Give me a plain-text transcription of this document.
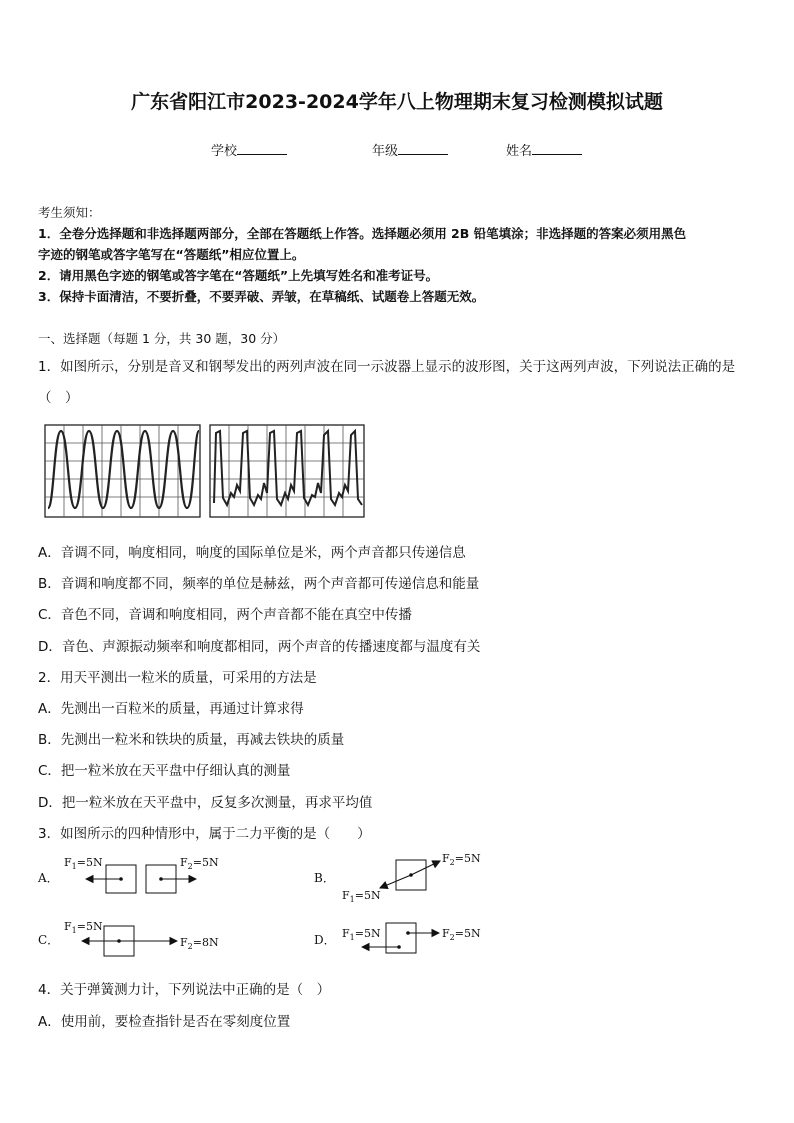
广东省阳江市2023-2024学年八上物理期末复习检测模拟试题
学校	年级	姓名
考生须知：
1．全卷分选择题和非选择题两部分，全部在答题纸上作答。选择题必须用 2B 铅笔填涂；非选择题的答案必须用黑色
字迹的钢笔或答字笔写在“答题纸”相应位置上。
2．请用黑色字迹的钢笔或答字笔在“答题纸”上先填写姓名和准考证号。
3．保持卡面清洁，不要折叠，不要弄破、弄皱，在草稿纸、试题卷上答题无效。
一、选择题（每题 1 分，共 30 题，30 分）
1．如图所示，分别是音叉和钢琴发出的两列声波在同一示波器上显示的波形图，关于这两列声波，下列说法正确的是
（　）
A．音调不同，响度相同，响度的国际单位是米，两个声音都只传递信息
B．音调和响度都不同，频率的单位是赫兹，两个声音都可传递信息和能量
C．音色不同，音调和响度相同，两个声音都不能在真空中传播
D．音色、声源振动频率和响度都相同，两个声音的传播速度都与温度有关
2．用天平测出一粒米的质量，可采用的方法是
A．先测出一百粒米的质量，再通过计算求得
B．先测出一粒米和铁块的质量，再减去铁块的质量
C．把一粒米放在天平盘中仔细认真的测量
D．把一粒米放在天平盘中，反复多次测量，再求平均值
3．如图所示的四种情形中，属于二力平衡的是（　　）
A．
$F_1=5N$	$F_2=5N$
B．
$F_2=5N$
$F_1=5N$
C．
$F_1=5N$
$F_2=8N$	D． $F_1=5N$	$F_2=5N$
4．关于弹簧测力计，下列说法中正确的是（　）
A．使用前，要检查指针是否在零刻度位置
